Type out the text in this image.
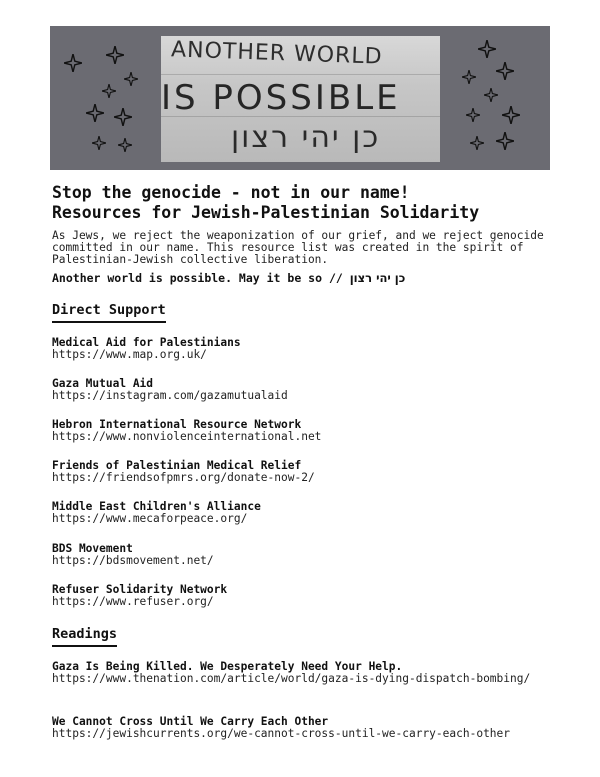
ANOTHER WORLD
IS POSSIBLE
כן יהי רצון
Stop the genocide - not in our name!
Resources for Jewish-Palestinian Solidarity

As Jews, we reject the weaponization of our grief, and we reject genocide committed in our name. This resource list was created in the spirit of Palestinian-Jewish collective liberation.

Another world is possible. May it be so // כן יהי רצון
Direct Support
Medical Aid for Palestinians
https://www.map.org.uk/
Gaza Mutual Aid
https://instagram.com/gazamutualaid
Hebron International Resource Network
https://www.nonviolenceinternational.net
Friends of Palestinian Medical Relief
https://friendsofpmrs.org/donate-now-2/
Middle East Children's Alliance
https://www.mecaforpeace.org/
BDS Movement
https://bdsmovement.net/
Refuser Solidarity Network
https://www.refuser.org/
Readings
Gaza Is Being Killed. We Desperately Need Your Help.
https://www.thenation.com/article/world/gaza-is-dying-dispatch-bombing/
We Cannot Cross Until We Carry Each Other
https://jewishcurrents.org/we-cannot-cross-until-we-carry-each-other
